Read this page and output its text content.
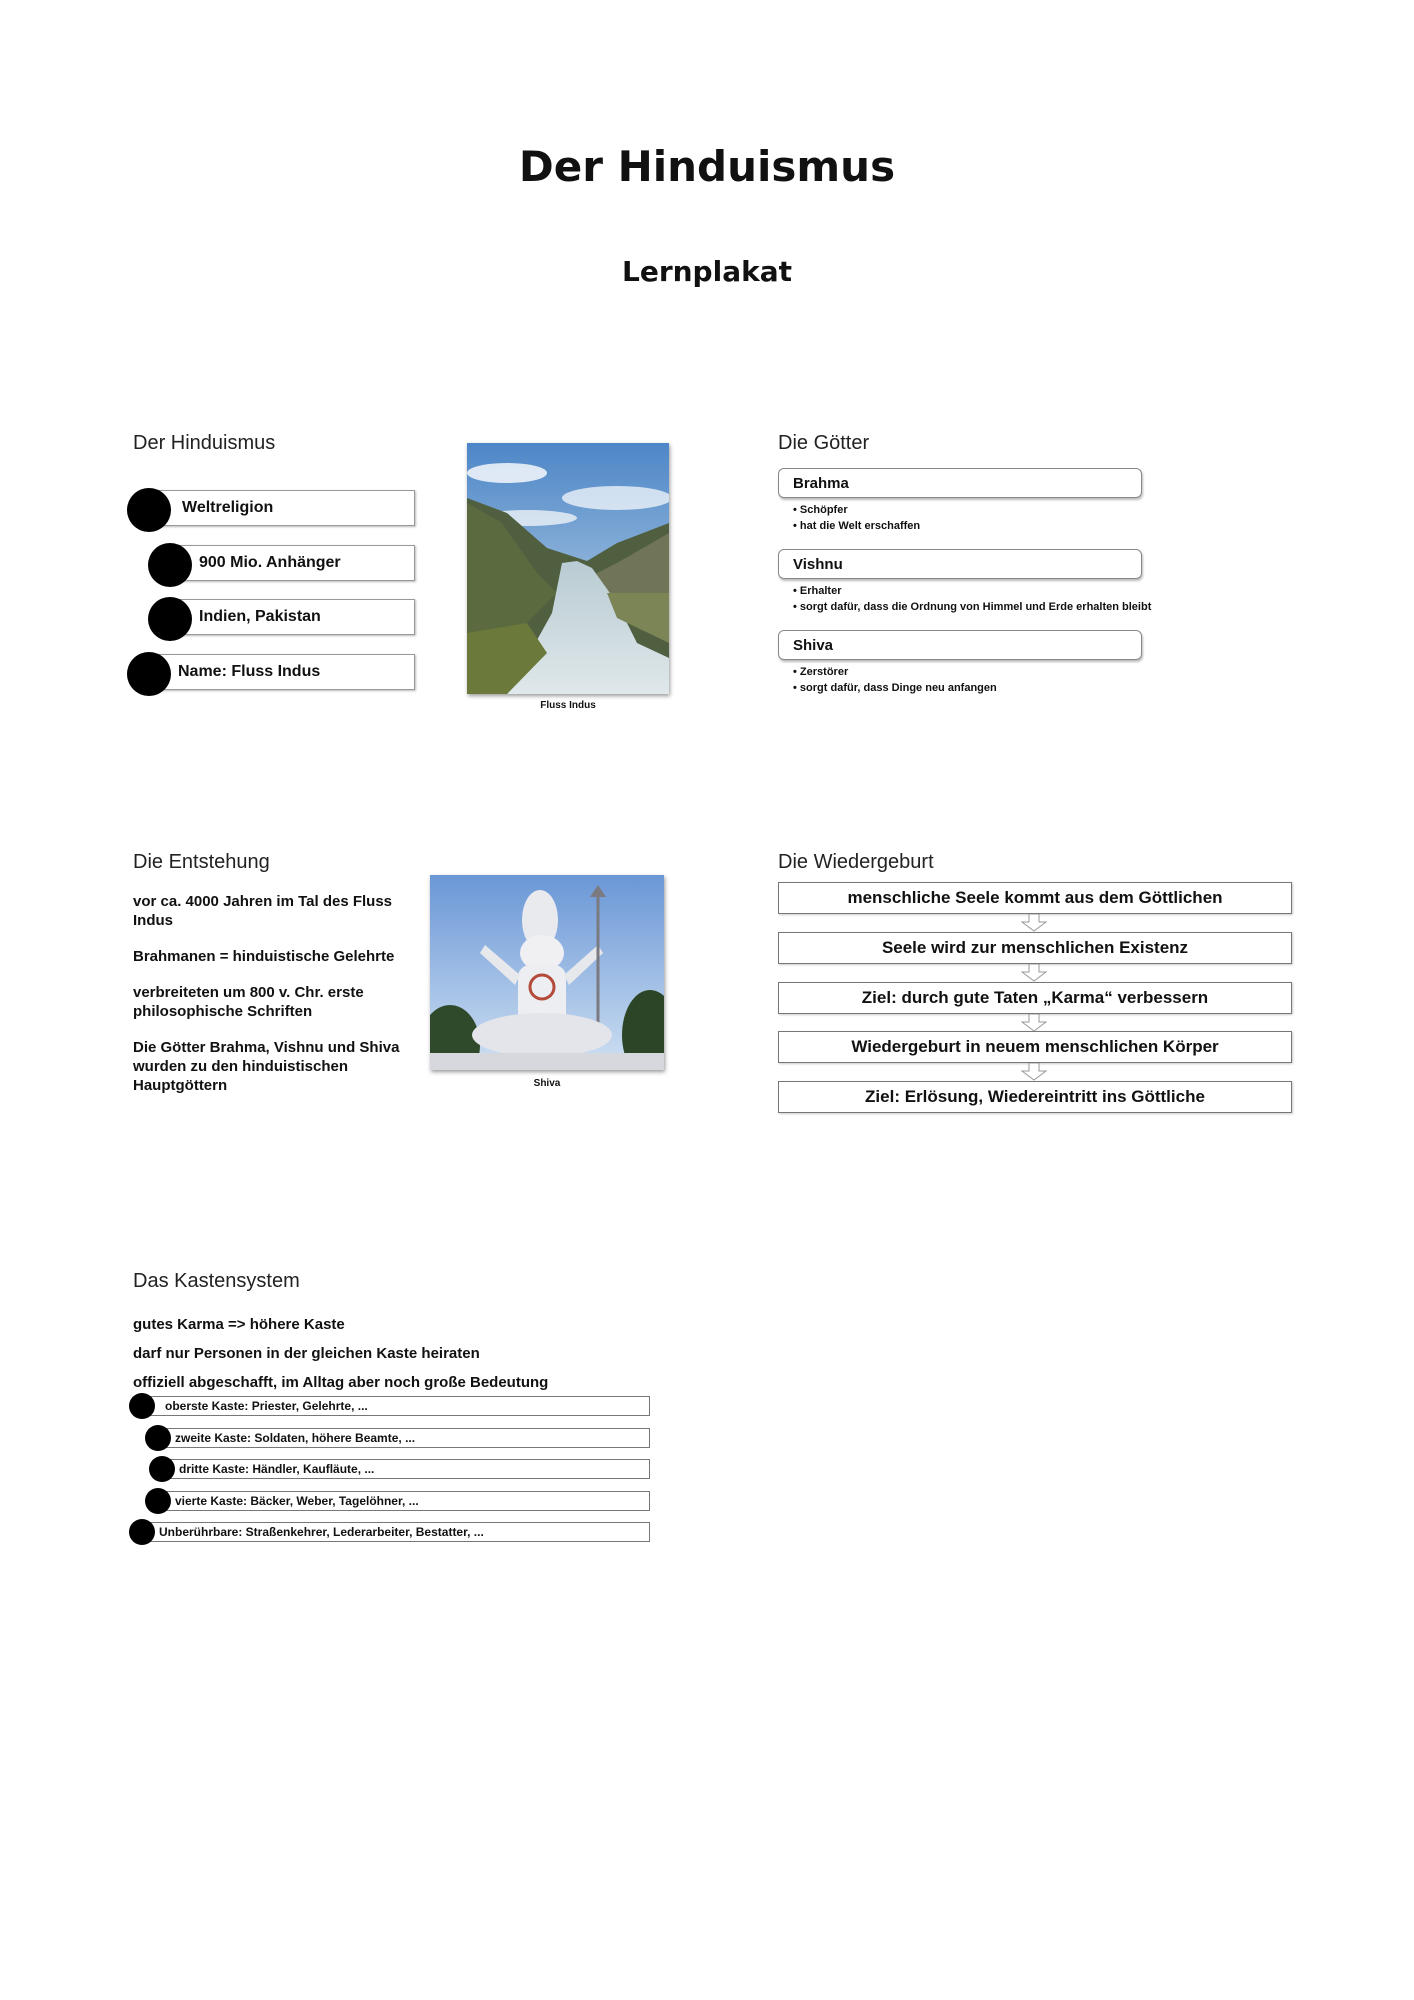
Der Hinduismus
Lernplakat
Der Hinduismus
Weltreligion
900 Mio. Anhänger
Indien, Pakistan
Name: Fluss Indus
Fluss Indus
Die Götter
Brahma
• Schöpfer
• hat die Welt erschaffen
Vishnu
• Erhalter
• sorgt dafür, dass die Ordnung von Himmel und Erde erhalten bleibt
Shiva
• Zerstörer
• sorgt dafür, dass Dinge neu anfangen
Die Entstehung

vor ca. 4000 Jahren im Tal des Fluss Indus

Brahmanen = hinduistische Gelehrte

verbreiteten um 800 v. Chr. erste philosophische Schriften

Die Götter Brahma, Vishnu und Shiva wurden zu den hinduistischen Hauptgöttern	Shiva
Die Wiedergeburt
menschliche Seele kommt aus dem Göttlichen
Seele wird zur menschlichen Existenz
Ziel: durch gute Taten „Karma“ verbessern
Wiedergeburt in neuem menschlichen Körper
Ziel: Erlösung, Wiedereintritt ins Göttliche
Das Kastensystem
gutes Karma => höhere Kaste
darf nur Personen in der gleichen Kaste heiraten
offiziell abgeschafft, im Alltag aber noch große Bedeutung
oberste Kaste: Priester, Gelehrte, ...
zweite Kaste: Soldaten, höhere Beamte, ...
dritte Kaste: Händler, Kaufläute, ...
vierte Kaste: Bäcker, Weber, Tagelöhner, ...
Unberührbare: Straßenkehrer, Lederarbeiter, Bestatter, ...
